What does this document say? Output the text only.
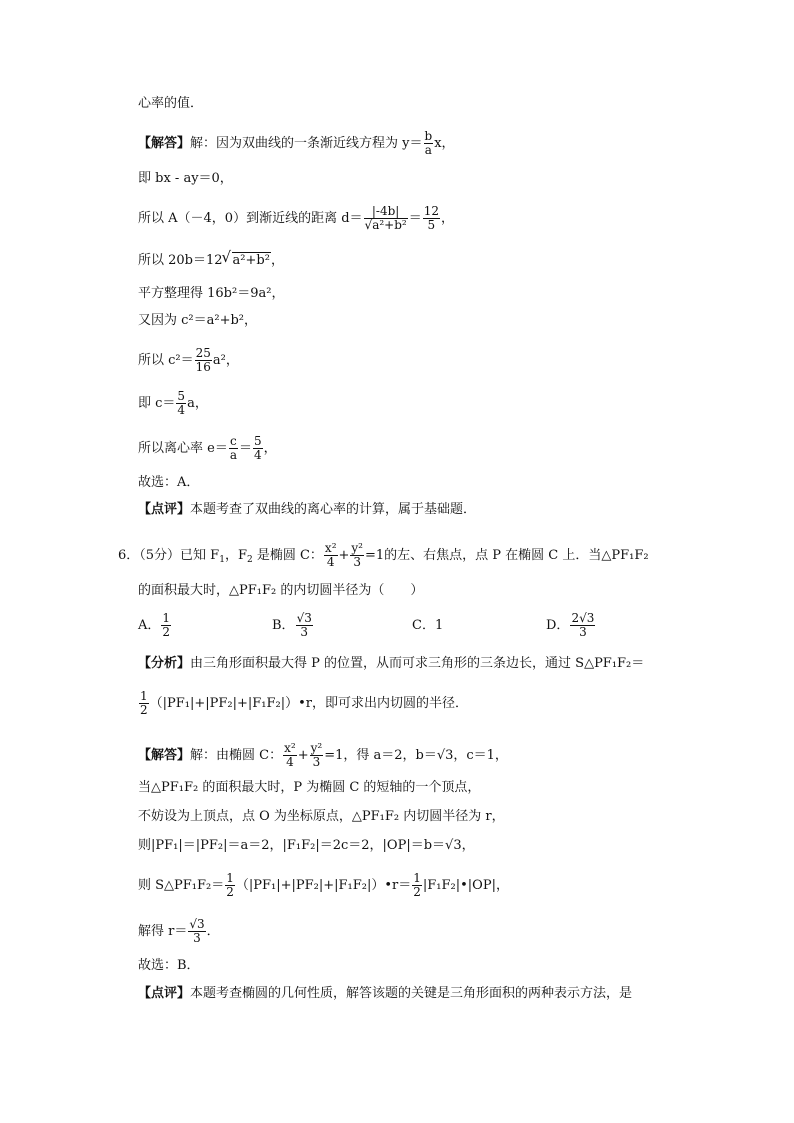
心率的值．
【解答】解：因为双曲线的一条渐近线方程为 $y= \frac{b}{a}$ x，
即 bx - ay＝0，
所以 A（－4，0）到渐近线的距离 $d= \frac{|-4b|}{\text{√a²+b²}} = \frac{12}{5}$ ，
所以 20b＝12√ a²+b²，
平方整理得 16b²＝9a²，
又因为 c²＝a²+b²，
所以 $c^2= \frac{25}{16} a^2$，
即 $c= \frac{5}{4}$ a，
所以离心率 $e= \frac{c}{a} = \frac{5}{4}$ ，
故选：A．
【点评】本题考查了双曲线的离心率的计算，属于基础题．
6．（5分）已知 $F_1$，$F_2$ 是椭圆 C： $\frac{\text{x²}}{4} + \frac{\text{y²}}{3} =1$的左、右焦点，点 P 在椭圆 C 上．当△PF₁F₂
的面积最大时，△PF₁F₂ 的内切圆半径为（　　）
A． $\frac{1}{2}$	B． $\frac{√3}{3}$	C．1	D． $\frac{2√3}{3}$
【分析】由三角形面积最大得 P 的位置，从而可求三角形的三条边长，通过 S△PF₁F₂＝
$\frac{1}{2}$ （|PF₁|+|PF₂|+|F₁F₂|）•r，即可求出内切圆的半径．
【解答】解：由椭圆 C： $\frac{\text{x²}}{4} + \frac{\text{y²}}{3} =1$，得 a＝2，b＝√3，c＝1，
当△PF₁F₂ 的面积最大时，P 为椭圆 C 的短轴的一个顶点，
不妨设为上顶点，点 O 为坐标原点，△PF₁F₂ 内切圆半径为 r，
则|PF₁|＝|PF₂|＝a＝2，|F₁F₂|＝2c＝2，|OP|＝b＝√3，
则 S△PF₁F₂＝ $\frac{1}{2}$ （|PF₁|+|PF₂|+|F₁F₂|）•r＝ $\frac{1}{2}$ |F₁F₂|•|OP|，
解得 $r= \frac{√3}{3}$ ．
故选：B．
【点评】本题考查椭圆的几何性质，解答该题的关键是三角形面积的两种表示方法，是
